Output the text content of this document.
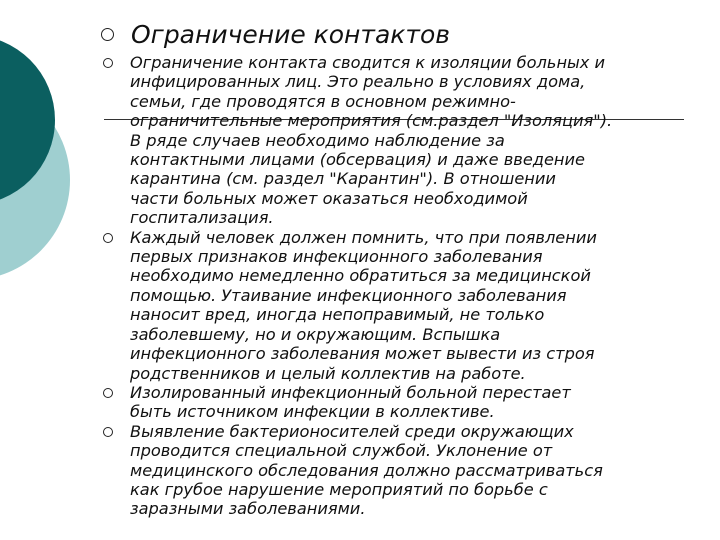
Ограничение контактов
Ограничение контакта сводится к изоляции больных и
инфицированных лиц. Это реально в условиях дома,
семьи, где проводятся в основном режимно-
ограничительные мероприятия (см.раздел "Изоляция").
В ряде случаев необходимо наблюдение за
контактными лицами (обсервация) и даже введение
карантина (см. раздел "Карантин"). В отношении
части больных может оказаться необходимой
госпитализация.
Каждый человек должен помнить, что при появлении
первых признаков инфекционного заболевания
необходимо немедленно обратиться за медицинской
помощью. Утаивание инфекционного заболевания
наносит вред, иногда непоправимый, не только
заболевшему, но и окружающим. Вспышка
инфекционного заболевания может вывести из строя
родственников и целый коллектив на работе.
Изолированный инфекционный больной перестает
быть источником инфекции в коллективе.
Выявление бактерионосителей среди окружающих
проводится специальной службой. Уклонение от
медицинского обследования должно рассматриваться
как грубое нарушение мероприятий по борьбе с
заразными заболеваниями.
